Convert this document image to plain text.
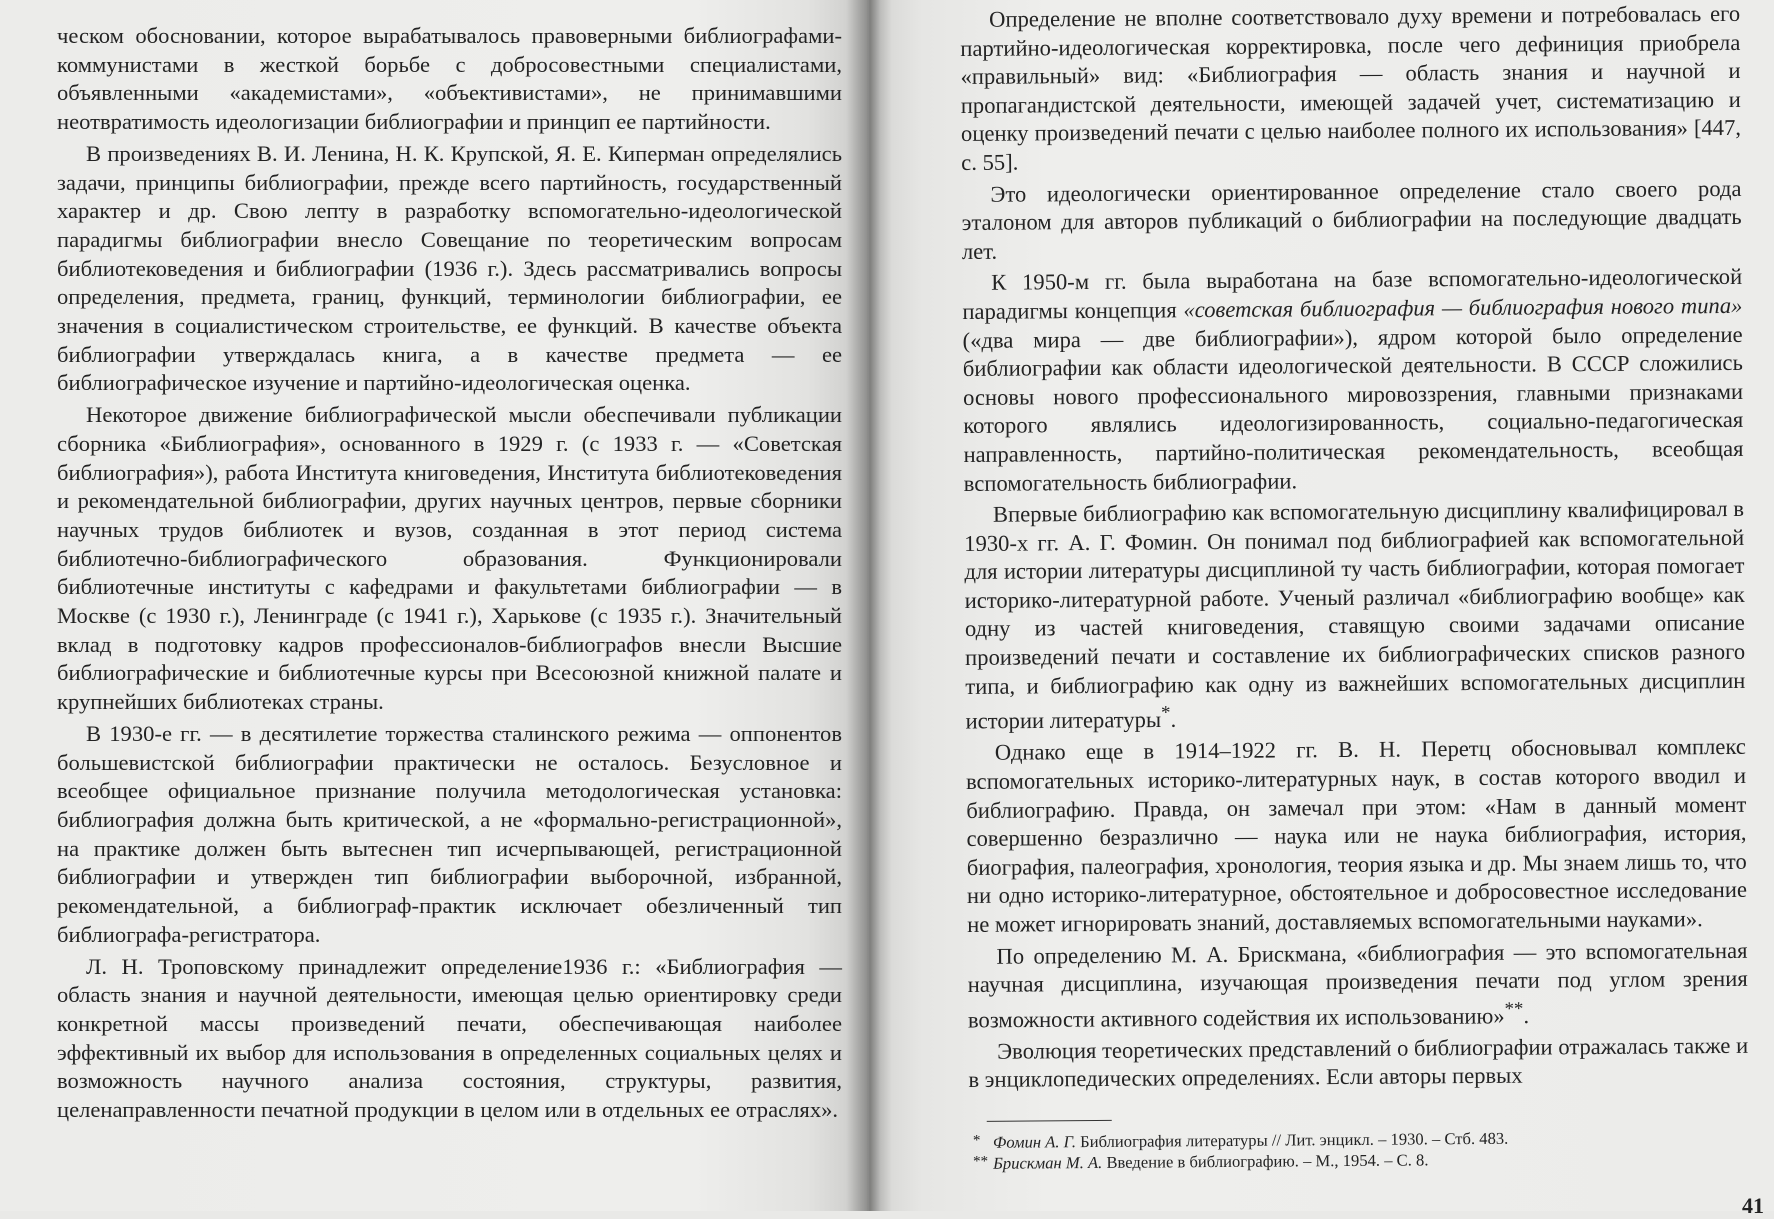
ческом обосновании, которое вырабатывалось правоверными библиографами-коммунистами в жесткой борьбе с добросовестными специалистами, объявленными «академистами», «объективистами», не принимавшими неотвратимость идеологизации библиографии и принцип ее партийности.

В произведениях В. И. Ленина, Н. К. Крупской, Я. Е. Киперман определялись задачи, принципы библиографии, прежде всего партийность, государственный характер и др. Свою лепту в разработку вспомогательно-идеологической парадигмы библиографии внесло Совещание по теоретическим вопросам библиотековедения и библиографии (1936 г.). Здесь рассматривались вопросы определения, предмета, границ, функций, терминологии библиографии, ее значения в социалистическом строительстве, ее функций. В качестве объекта библиографии утверждалась книга, а в качестве предмета — ее библиографическое изучение и партийно-идеологическая оценка.

Некоторое движение библиографической мысли обеспечивали публикации сборника «Библиография», основанного в 1929 г. (с 1933 г. — «Советская библиография»), работа Института книговедения, Института библиотековедения и рекомендательной библиографии, других научных центров, первые сборники научных трудов библиотек и вузов, созданная в этот период система библиотечно-библиографического образования. Функционировали библиотечные институты с кафедрами и факультетами библиографии — в Москве (с 1930 г.), Ленинграде (с 1941 г.), Харькове (с 1935 г.). Значительный вклад в подготовку кадров профессионалов-библиографов внесли Высшие библиографические и библиотечные курсы при Всесоюзной книжной палате и крупнейших библиотеках страны.

В 1930-е гг. — в десятилетие торжества сталинского режима — оппонентов большевистской библиографии практически не осталось. Безусловное и всеобщее официальное признание получила методологическая установка: библиография должна быть критической, а не «формально-регистрационной», на практике должен быть вытеснен тип исчерпывающей, регистрационной библиографии и утвержден тип библиографии выборочной, избранной, рекомендательной, а библиограф-практик исключает обезличенный тип библиографа-регистратора.

Л. Н. Троповскому принадлежит определение1936 г.: «Библиография — область знания и научной деятельности, имеющая целью ориентировку среди конкретной массы произведений печати, обеспечивающая наиболее эффективный их выбор для использования в определенных социальных целях и возможность научного анализа состояния, структуры, развития, целенаправленности печатной продукции в целом или в отдельных ее отраслях».

Определение не вполне соответствовало духу времени и потребовалась его партийно-идеологическая корректировка, после чего дефиниция приобрела «правильный» вид: «Библиография — область знания и научной и пропагандистской деятельности, имеющей задачей учет, систематизацию и оценку произведений печати с целью наиболее полного их использования» [447, с. 55].

Это идеологически ориентированное определение стало своего рода эталоном для авторов публикаций о библиографии на последующие двадцать лет.

К 1950-м гг. была выработана на базе вспомогательно-идеологической парадигмы концепция «советская библиография — библиография нового типа» («два мира — две библиографии»), ядром которой было определение библиографии как области идеологической деятельности. В СССР сложились основы нового профессионального мировоззрения, главными признаками которого являлись идеологизированность, социально-педагогическая направленность, партийно-политическая рекомендательность, всеобщая вспомогательность библиографии.

Впервые библиографию как вспомогательную дисциплину квалифицировал в 1930-х гг. А. Г. Фомин. Он понимал под библиографией как вспомогательной для истории литературы дисциплиной ту часть библиографии, которая помогает историко-литературной работе. Ученый различал «библиографию вообще» как одну из частей книговедения, ставящую своими задачами описание произведений печати и составление их библиографических списков разного типа, и библиографию как одну из важнейших вспомогательных дисциплин истории литературы*.

Однако еще в 1914–1922 гг. В. Н. Перетц обосновывал комплекс вспомогательных историко-литературных наук, в состав которого вводил и библиографию. Правда, он замечал при этом: «Нам в данный момент совершенно безразлично — наука или не наука библиография, история, биография, палеография, хронология, теория языка и др. Мы знаем лишь то, что ни одно историко-литературное, обстоятельное и добросовестное исследование не может игнорировать знаний, доставляемых вспомогательными науками».

По определению М. А. Брискмана, «библиография — это вспомогательная научная дисциплина, изучающая произведения печати под углом зрения возможности активного содействия их использованию»**.

Эволюция теоретических представлений о библиографии отражалась также и в энциклопедических определениях. Если авторы первых

* Фомин А. Г. Библиография литературы // Лит. энцикл. – 1930. – Стб. 483.

** Брискман М. А. Введение в библиографию. – М., 1954. – С. 8.

41
